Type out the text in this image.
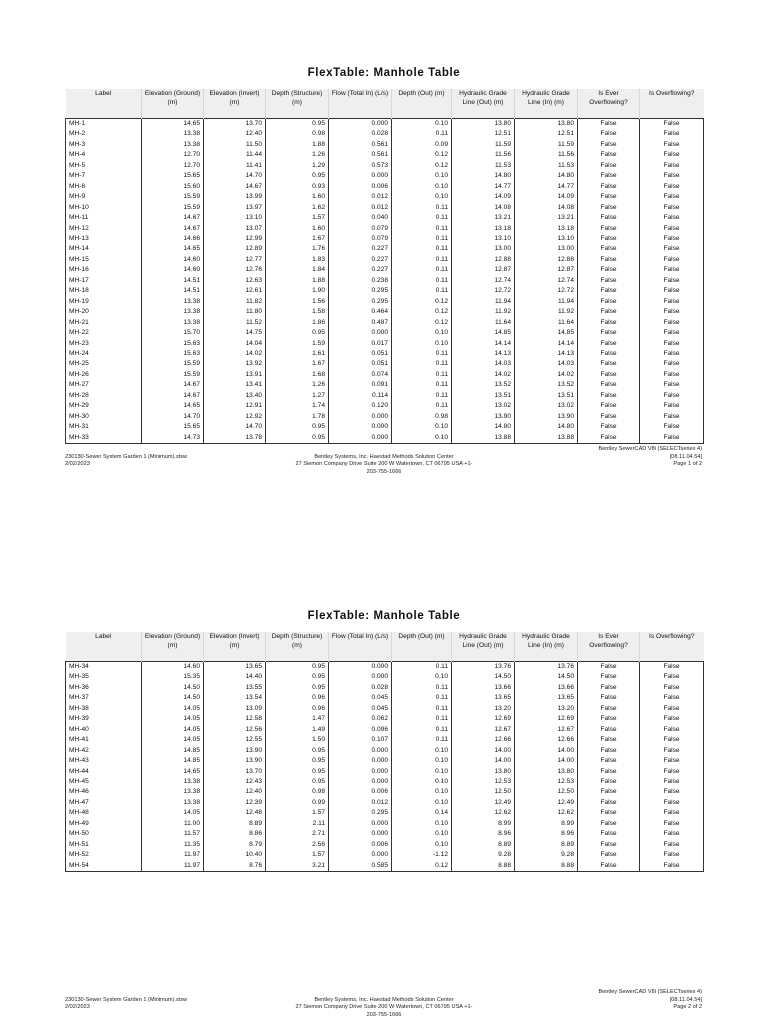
FlexTable: Manhole Table
Label	Elevation (Ground) (m)	Elevation (Invert) (m)	Depth (Structure) (m)	Flow (Total In) (L/s)	Depth (Out) (m)	Hydraulic Grade Line (Out) (m)	Hydraulic Grade Line (In) (m)	Is Ever Overflowing?	Is Overflowing?
MH-1	14.65	13.70	0.95	0.000	0.10	13.80	13.80	False	False
MH-2	13.38	12.40	0.98	0.028	0.11	12.51	12.51	False	False
MH-3	13.38	11.50	1.88	0.561	0.09	11.59	11.59	False	False
MH-4	12.70	11.44	1.26	0.561	0.12	11.56	11.56	False	False
MH-5	12.70	11.41	1.29	0.573	0.12	11.53	11.53	False	False
MH-7	15.65	14.70	0.95	0.000	0.10	14.80	14.80	False	False
MH-8	15.60	14.67	0.93	0.006	0.10	14.77	14.77	False	False
MH-9	15.59	13.99	1.60	0.012	0.10	14.09	14.09	False	False
MH-10	15.59	13.97	1.62	0.012	0.11	14.08	14.08	False	False
MH-11	14.67	13.10	1.57	0.040	0.11	13.21	13.21	False	False
MH-12	14.67	13.07	1.60	0.079	0.11	13.18	13.18	False	False
MH-13	14.66	12.99	1.67	0.079	0.11	13.10	13.10	False	False
MH-14	14.65	12.89	1.76	0.227	0.11	13.00	13.00	False	False
MH-15	14.60	12.77	1.83	0.227	0.11	12.88	12.88	False	False
MH-16	14.60	12.76	1.84	0.227	0.11	12.87	12.87	False	False
MH-17	14.51	12.63	1.88	0.238	0.11	12.74	12.74	False	False
MH-18	14.51	12.61	1.90	0.295	0.11	12.72	12.72	False	False
MH-19	13.38	11.82	1.56	0.295	0.12	11.94	11.94	False	False
MH-20	13.38	11.80	1.58	0.464	0.12	11.92	11.92	False	False
MH-21	13.38	11.52	1.86	0.487	0.12	11.64	11.64	False	False
MH-22	15.70	14.75	0.95	0.000	0.10	14.85	14.85	False	False
MH-23	15.63	14.04	1.59	0.017	0.10	14.14	14.14	False	False
MH-24	15.63	14.02	1.61	0.051	0.11	14.13	14.13	False	False
MH-25	15.59	13.92	1.67	0.051	0.11	14.03	14.03	False	False
MH-26	15.59	13.91	1.68	0.074	0.11	14.02	14.02	False	False
MH-27	14.67	13.41	1.26	0.091	0.11	13.52	13.52	False	False
MH-28	14.67	13.40	1.27	0.114	0.11	13.51	13.51	False	False
MH-29	14.65	12.91	1.74	0.120	0.11	13.02	13.02	False	False
MH-30	14.70	12.92	1.78	0.000	0.98	13.90	13.90	False	False
MH-31	15.65	14.70	0.95	0.000	0.10	14.80	14.80	False	False
MH-33	14.73	13.78	0.95	0.000	0.10	13.88	13.88	False	False
Bentley SewerCAD V8i (SELECTseries 4)
230130-Sewer System Garden 1 (Minimum).stsw
2/02/2023
Bentley Systems, Inc. Haestad Methods Solution Center
27 Siemon Company Drive Suite 200 W Watertown, CT 06795 USA +1-
203-755-1666
[08.11.04.54]
Page 1 of 2
FlexTable: Manhole Table
Label	Elevation (Ground) (m)	Elevation (Invert) (m)	Depth (Structure) (m)	Flow (Total In) (L/s)	Depth (Out) (m)	Hydraulic Grade Line (Out) (m)	Hydraulic Grade Line (In) (m)	Is Ever Overflowing?	Is Overflowing?
MH-34	14.60	13.65	0.95	0.000	0.11	13.76	13.76	False	False
MH-35	15.35	14.40	0.95	0.000	0.10	14.50	14.50	False	False
MH-36	14.50	13.55	0.95	0.028	0.11	13.66	13.66	False	False
MH-37	14.50	13.54	0.96	0.045	0.11	13.65	13.65	False	False
MH-38	14.05	13.09	0.96	0.045	0.11	13.20	13.20	False	False
MH-39	14.05	12.58	1.47	0.062	0.11	12.69	12.69	False	False
MH-40	14.05	12.56	1.49	0.096	0.11	12.67	12.67	False	False
MH-41	14.05	12.55	1.50	0.107	0.11	12.66	12.66	False	False
MH-42	14.85	13.90	0.95	0.000	0.10	14.00	14.00	False	False
MH-43	14.85	13.90	0.95	0.000	0.10	14.00	14.00	False	False
MH-44	14.65	13.70	0.95	0.000	0.10	13.80	13.80	False	False
MH-45	13.38	12.43	0.95	0.000	0.10	12.53	12.53	False	False
MH-46	13.38	12.40	0.98	0.006	0.10	12.50	12.50	False	False
MH-47	13.38	12.39	0.99	0.012	0.10	12.49	12.49	False	False
MH-48	14.05	12.48	1.57	0.295	0.14	12.62	12.62	False	False
MH-49	11.00	8.89	2.11	0.000	0.10	8.99	8.99	False	False
MH-50	11.57	8.86	2.71	0.000	0.10	8.96	8.96	False	False
MH-51	11.35	8.79	2.56	0.006	0.10	8.89	8.89	False	False
MH-52	11.97	10.40	1.57	0.000	-1.12	9.28	9.28	False	False
MH-54	11.97	8.76	3.21	0.585	0.12	8.88	8.88	False	False
Bentley SewerCAD V8i (SELECTseries 4)
230130-Sewer System Garden 1 (Minimum).stsw
2/02/2023
Bentley Systems, Inc. Haestad Methods Solution Center
27 Siemon Company Drive Suite 200 W Watertown, CT 06795 USA +1-
203-755-1666
[08.11.04.54]
Page 2 of 2
